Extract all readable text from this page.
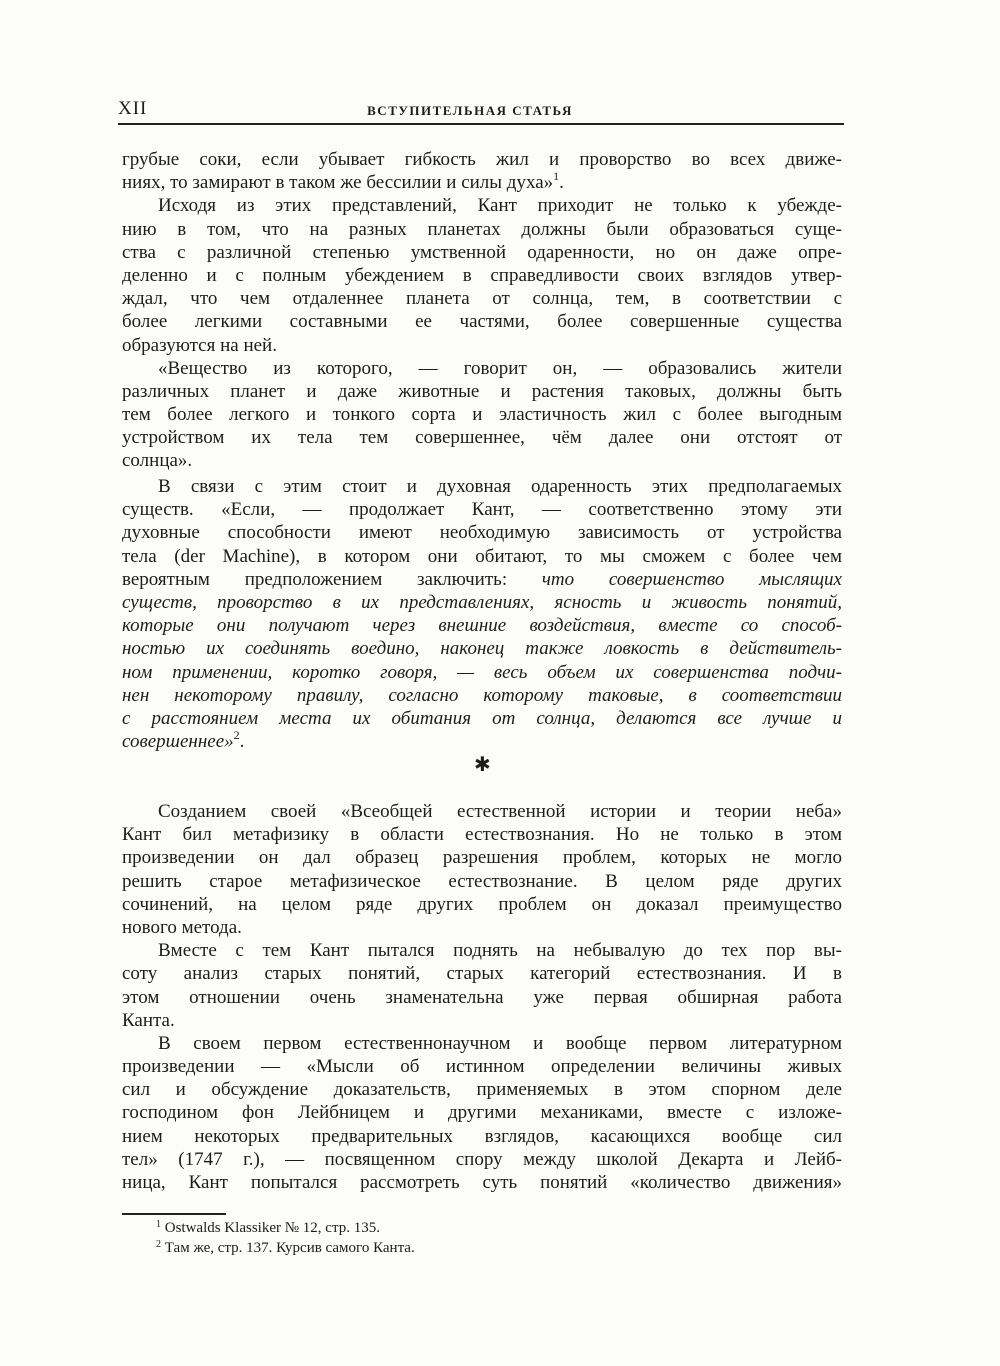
XII	ВСТУПИТЕЛЬНАЯ СТАТЬЯ
грубые соки, если убывает гибкость жил и проворство во всех движе-
ниях, то замирают в таком же бессилии и силы духа»$^1$.
Исходя из этих представлений, Кант приходит не только к убежде-
нию в том, что на разных планетах должны были образоваться суще-
ства с различной степенью умственной одаренности, но он даже опре-
деленно и с полным убеждением в справедливости своих взглядов утвер-
ждал, что чем отдаленнее планета от солнца, тем, в соответствии с
более легкими составными ее частями, более совершенные существа
образуются на ней.
«Вещество из которого, — говорит он, — образовались жители
различных планет и даже животные и растения таковых, должны быть
тем более легкого и тонкого сорта и эластичность жил с более выгодным
устройством их тела тем совершеннее, чём далее они отстоят от
солнца».
В связи с этим стоит и духовная одаренность этих предполагаемых
существ. «Если, — продолжает Кант, — соответственно этому эти
духовные способности имеют необходимую зависимость от устройства
тела (der Machine), в котором они обитают, то мы сможем с более чем
вероятным предположением заключить: что совершенство мыслящих
существ, проворство в их представлениях, ясность и живость понятий,
которые они получают через внешние воздействия, вместе со способ-
ностью их соединять воедино, наконец также ловкость в действитель-
ном применении, коротко говоря, — весь объем их совершенства подчи-
нен некоторому правилу, согласно которому таковые, в соответствии
с расстоянием места их обитания от солнца, делаются все лучше и
совершеннее»$^2$.
✱
Созданием своей «Всеобщей естественной истории и теории неба»
Кант бил метафизику в области естествознания. Но не только в этом
произведении он дал образец разрешения проблем, которых не могло
решить старое метафизическое естествознание. В целом ряде других
сочинений, на целом ряде других проблем он доказал преимущество
нового метода.
Вместе с тем Кант пытался поднять на небывалую до тех пор вы-
соту анализ старых понятий, старых категорий естествознания. И в
этом отношении очень знаменательна уже первая обширная работа
Канта.
В своем первом естественнонаучном и вообще первом литературном
произведении — «Мысли об истинном определении величины живых
сил и обсуждение доказательств, применяемых в этом спорном деле
господином фон Лейбницем и другими механиками, вместе с изложе-
нием некоторых предварительных взглядов, касающихся вообще сил
тел» (1747 г.), — посвященном спору между школой Декарта и Лейб-
ница, Кант попытался рассмотреть суть понятий «количество движения»
$^1$ Ostwalds Klassiker № 12, стр. 135.
$^2$ Там же, стр. 137. Курсив самого Канта.
